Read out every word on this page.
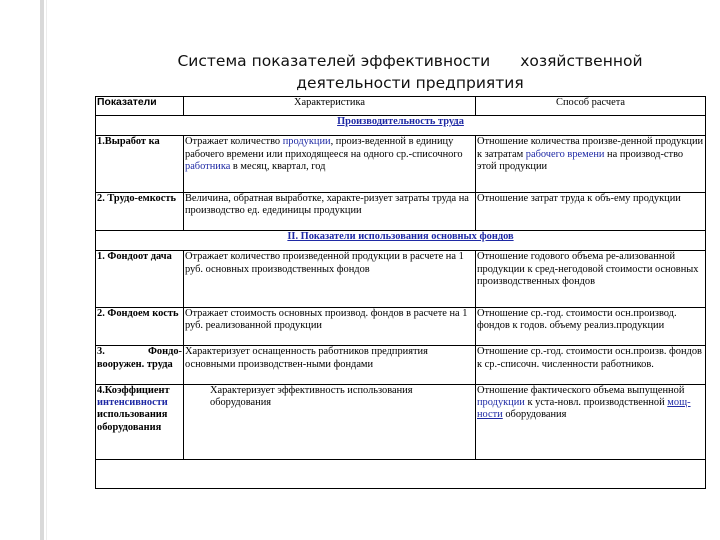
Система показателей эффективности хозяйственной
деятельности предприятия
Показатели	Характеристика	Способ расчета
Производительность труда		
1.Выработ ка	Отражает количество продукции, произ-веденной в единицу рабочего времени или приходящееся на одного ср.-списочного работника в месяц, квартал, год	Отношение количества произве-денной продукции к затратам рабочего времени на производ-ство этой продукции
2. Трудо-емкость	Величина, обратная выработке, характе-ризует затраты труда на производство ед. едединицы продукции	Отношение затрат труда к объ-ему продукции
II. Показатели использования основных фондов		
1. Фондоот дача	Отражает количество произведенной продукции в расчете на 1 руб. основных производственных фондов	Отношение годового объема ре-ализованной продукции к сред-негодовой стоимости основных производственных фондов
2. Фондоем кость	Отражает стоимость основных производ. фондов в расчете на 1 руб. реализованной продукции	Отношение ср.-год. стоимости осн.производ. фондов к годов. объему реализ.продукции
3. Фондо-вооружен. труда	Характеризует оснащенность работников предприятия основными производствен-ными фондами	Отношение ср.-год. стоимости осн.произв. фондов к ср.-списочн. численности работников.
4.Коэффициент интенсивности использования оборудования	Характеризует эффективность использования оборудования	Отношение фактического объема выпущенной продукции к уста-новл. производственной мощ-ности оборудования
